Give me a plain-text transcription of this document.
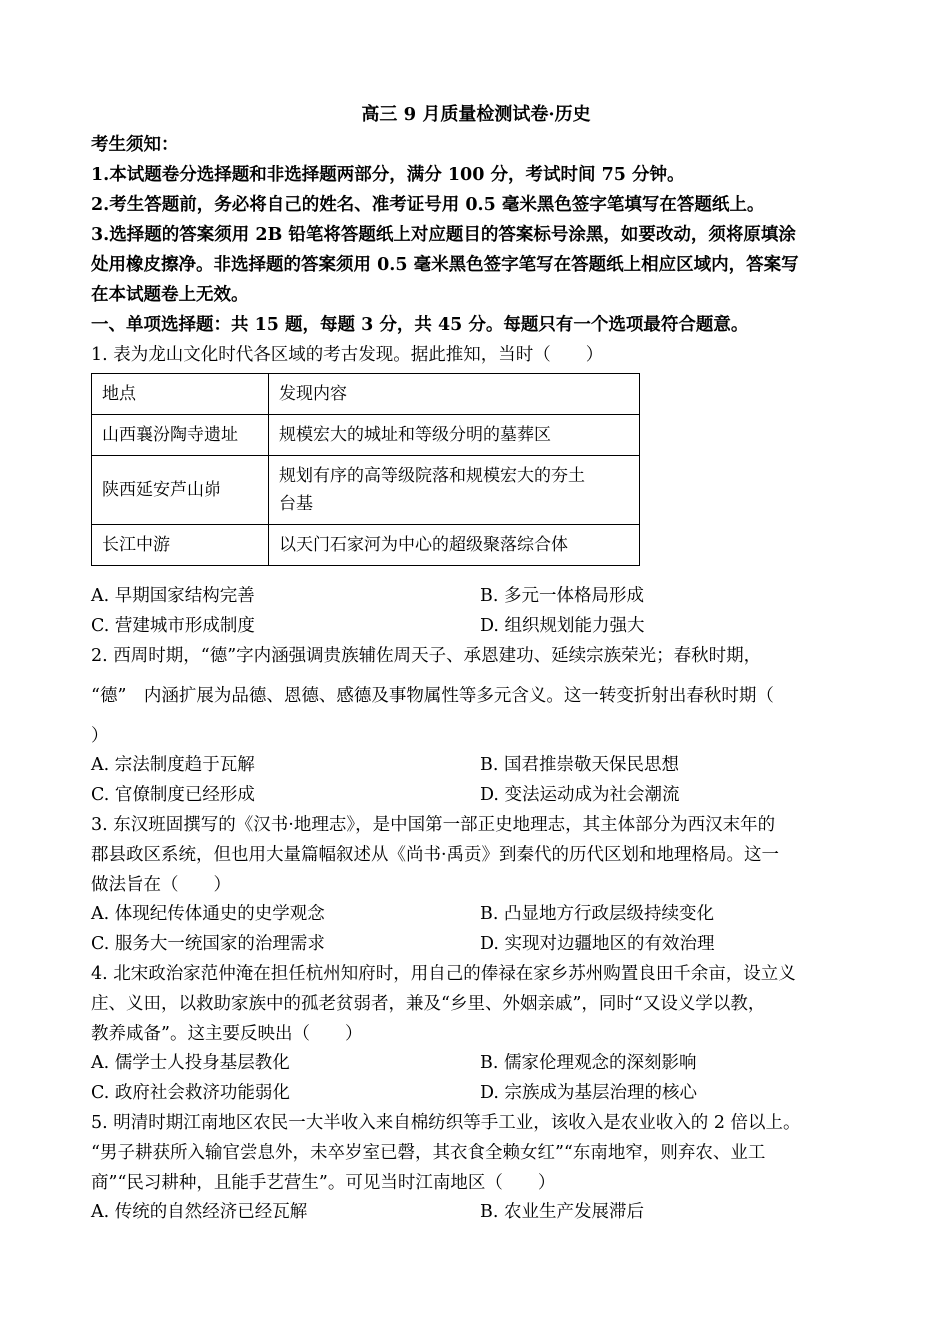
高三 9 月质量检测试卷·历史
考生须知：
1.本试题卷分选择题和非选择题两部分，满分 100 分，考试时间 75 分钟。
2.考生答题前，务必将自己的姓名、准考证号用 0.5 毫米黑色签字笔填写在答题纸上。
3.选择题的答案须用 2B 铅笔将答题纸上对应题目的答案标号涂黑，如要改动，须将原填涂
处用橡皮擦净。非选择题的答案须用 0.5 毫米黑色签字笔写在答题纸上相应区域内，答案写
在本试题卷上无效。
一、单项选择题：共 15 题，每题 3 分，共 45 分。每题只有一个选项最符合题意。
1. 表为龙山文化时代各区域的考古发现。据此推知，当时（　　）
地点	发现内容
山西襄汾陶寺遗址	规模宏大的城址和等级分明的墓葬区
陕西延安芦山峁	规划有序的高等级院落和规模宏大的夯土
台基

长江中游	以天门石家河为中心的超级聚落综合体
A. 早期国家结构完善	B. 多元一体格局形成
C. 营建城市形成制度	D. 组织规划能力强大
2. 西周时期，“德”字内涵强调贵族辅佐周天子、承恩建功、延续宗族荣光；春秋时期，
“德”　内涵扩展为品德、恩德、感德及事物属性等多元含义。这一转变折射出春秋时期（
）
A. 宗法制度趋于瓦解	B. 国君推崇敬天保民思想
C. 官僚制度已经形成	D. 变法运动成为社会潮流
3. 东汉班固撰写的《汉书·地理志》，是中国第一部正史地理志，其主体部分为西汉末年的
郡县政区系统，但也用大量篇幅叙述从《尚书·禹贡》到秦代的历代区划和地理格局。这一
做法旨在（　　）
A. 体现纪传体通史的史学观念	B. 凸显地方行政层级持续变化
C. 服务大一统国家的治理需求	D. 实现对边疆地区的有效治理
4. 北宋政治家范仲淹在担任杭州知府时，用自己的俸禄在家乡苏州购置良田千余亩，设立义
庄、义田，以救助家族中的孤老贫弱者，兼及“乡里、外姻亲戚”，同时“又设义学以教，
教养咸备”。这主要反映出（　　）
A. 儒学士人投身基层教化	B. 儒家伦理观念的深刻影响
C. 政府社会救济功能弱化	D. 宗族成为基层治理的核心
5. 明清时期江南地区农民一大半收入来自棉纺织等手工业，该收入是农业收入的 2 倍以上。
“男子耕获所入输官尝息外，未卒岁室已磬，其衣食全赖女红”“东南地窄，则弃农、业工
商”“民习耕种，且能手艺营生”。可见当时江南地区（　　）
A. 传统的自然经济已经瓦解	B. 农业生产发展滞后
